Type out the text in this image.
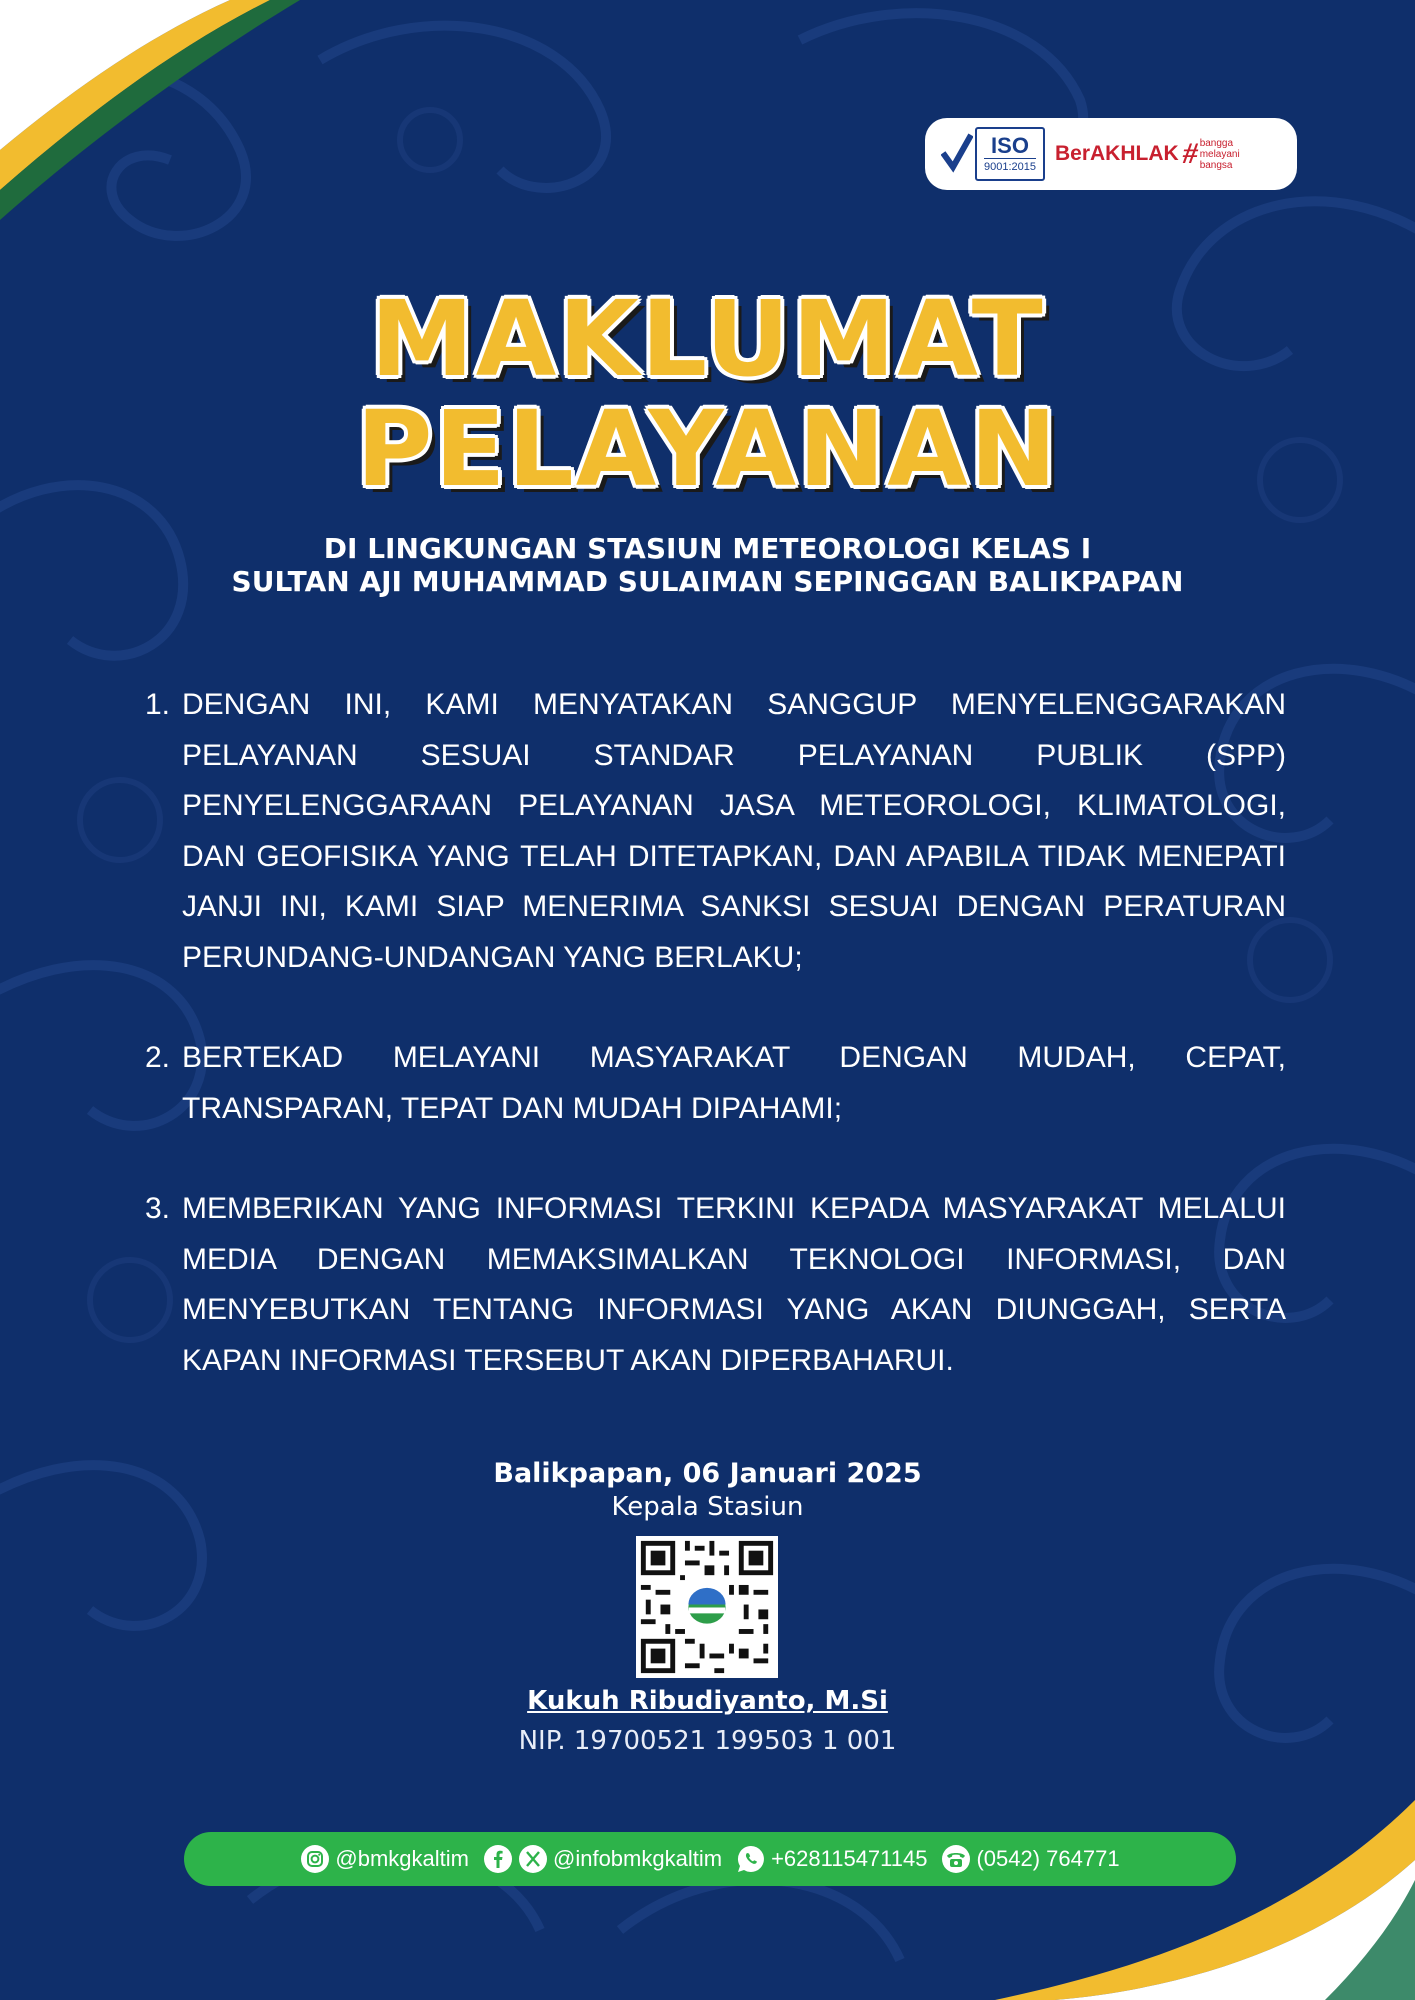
ISO
9001:2015
BerAKHLAK # bangga
melayani
bangsa
MAKLUMAT
PELAYANAN
DI LINGKUNGAN STASIUN METEOROLOGI KELAS I
SULTAN AJI MUHAMMAD SULAIMAN SEPINGGAN BALIKPAPAN
1. DENGAN INI, KAMI MENYATAKAN SANGGUP MENYELENGGARAKAN PELAYANAN SESUAI STANDAR PELAYANAN PUBLIK (SPP) PENYELENGGARAAN PELAYANAN JASA METEOROLOGI, KLIMATOLOGI, DAN GEOFISIKA YANG TELAH DITETAPKAN, DAN APABILA TIDAK MENEPATI JANJI INI, KAMI SIAP MENERIMA SANKSI SESUAI DENGAN PERATURAN PERUNDANG-UNDANGAN YANG BERLAKU;
2. BERTEKAD MELAYANI MASYARAKAT DENGAN MUDAH, CEPAT, TRANSPARAN, TEPAT DAN MUDAH DIPAHAMI;
3. MEMBERIKAN YANG INFORMASI TERKINI KEPADA MASYARAKAT MELALUI MEDIA DENGAN MEMAKSIMALKAN TEKNOLOGI INFORMASI, DAN MENYEBUTKAN TENTANG INFORMASI YANG AKAN DIUNGGAH, SERTA KAPAN INFORMASI TERSEBUT AKAN DIPERBAHARUI.
Balikpapan, 06 Januari 2025
Kepala Stasiun
Kukuh Ribudiyanto, M.Si
NIP. 19700521 199503 1 001
@bmkgkaltim	@infobmkgkaltim +628115471145 (0542) 764771
